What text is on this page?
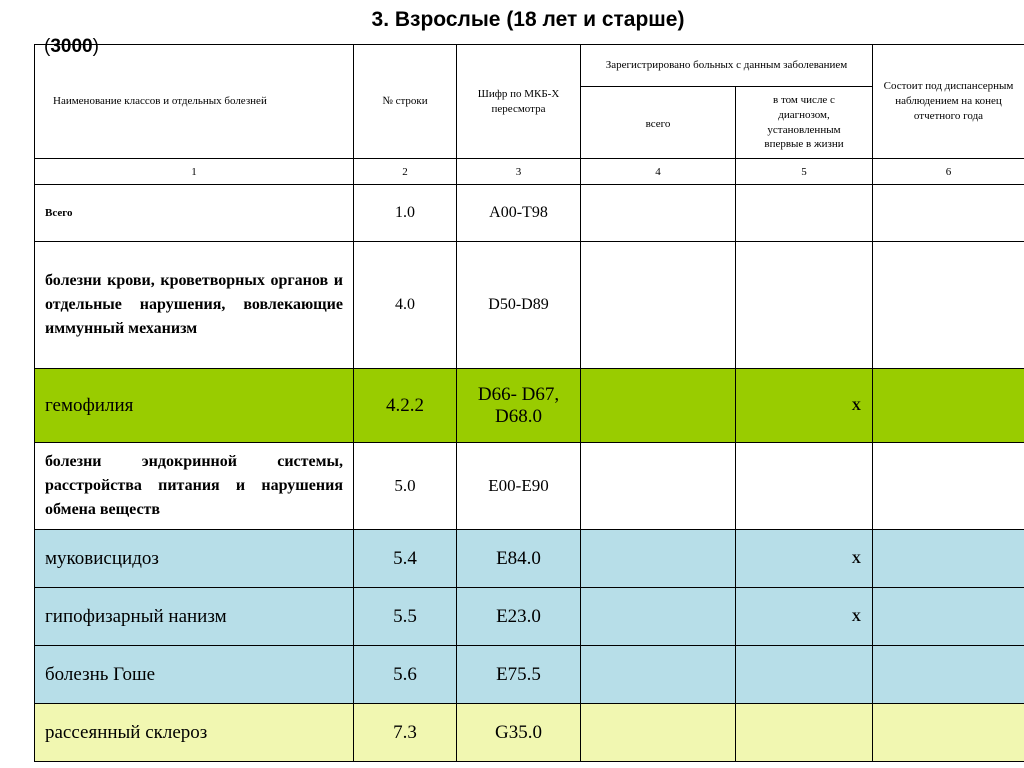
3. Взрослые (18 лет и старше)
(3000)
Наименование классов и отдельных болезней	№ строки	Шифр по МКБ-Х пересмотра	Зарегистрировано больных с данным заболеванием		Состоит под диспансерным наблюдением на конец отчетного года
			всего	в том числе с диагнозом, установленным впервые в жизни	
1	2	3	4	5	6
Всего	1.0	A00-T98			
болезни крови, кроветворных органов и отдельные нарушения, вовлекающие иммунный механизм	4.0	D50-D89			
гемофилия	4.2.2	D66- D67, D68.0		X	
болезни эндокринной системы, расстройства питания и нарушения обмена веществ	5.0	E00-E90			
муковисцидоз	5.4	E84.0		X	
гипофизарный нанизм	5.5	E23.0		X	
болезнь Гоше	5.6	E75.5			
рассеянный склероз	7.3	G35.0			
